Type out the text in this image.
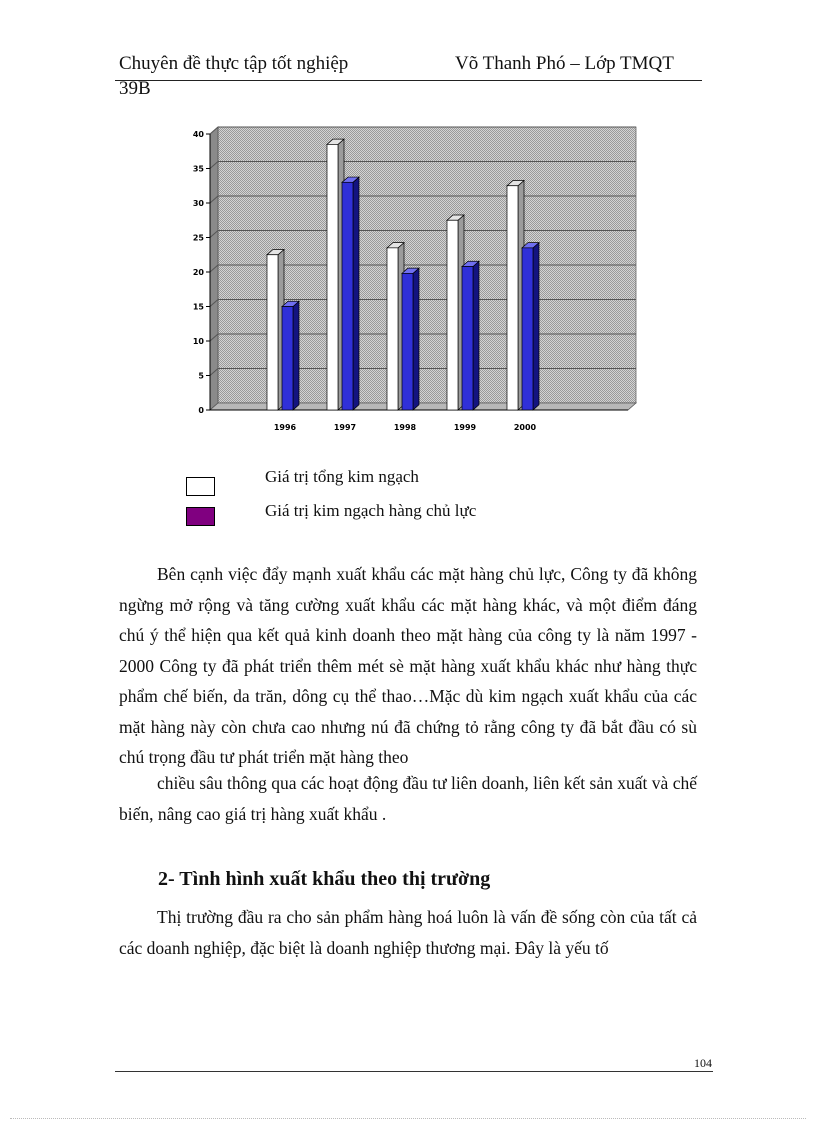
Chuyên đề thực tập tốt nghiệp	Võ Thanh Phó – Lớp TMQT
39B
0
5
10
15
20
25
30
35
40
1996	1997	1998	1999	2000
Giá trị tổng kim ngạch
Giá trị kim ngạch hàng chủ lực
Bên cạnh việc đẩy mạnh xuất khẩu các mặt hàng chủ lực, Công ty đã không ngừng mở rộng và tăng cường xuất khẩu các mặt hàng khác, và một điểm đáng chú ý thể hiện qua kết quả kinh doanh theo mặt hàng của công ty là năm 1997 - 2000 Công ty đã phát triển thêm mét sè mặt hàng xuất khẩu khác như hàng thực phẩm chế biến, da trăn, dông cụ thể thao…Mặc dù kim ngạch xuất khẩu của các mặt hàng này còn chưa cao nhưng nú đã chứng tỏ rằng công ty đã bắt đầu có sù chú trọng đầu tư phát triển mặt hàng theo
chiều sâu thông qua các hoạt động đầu tư liên doanh, liên kết sản xuất và chế biến, nâng cao giá trị hàng xuất khẩu .
2- Tình hình xuất khẩu theo thị trường
Thị trường đầu ra cho sản phẩm hàng hoá luôn là vấn đề sống còn của tất cả các doanh nghiệp, đặc biệt là doanh nghiệp thương mại. Đây là yếu tố
104
